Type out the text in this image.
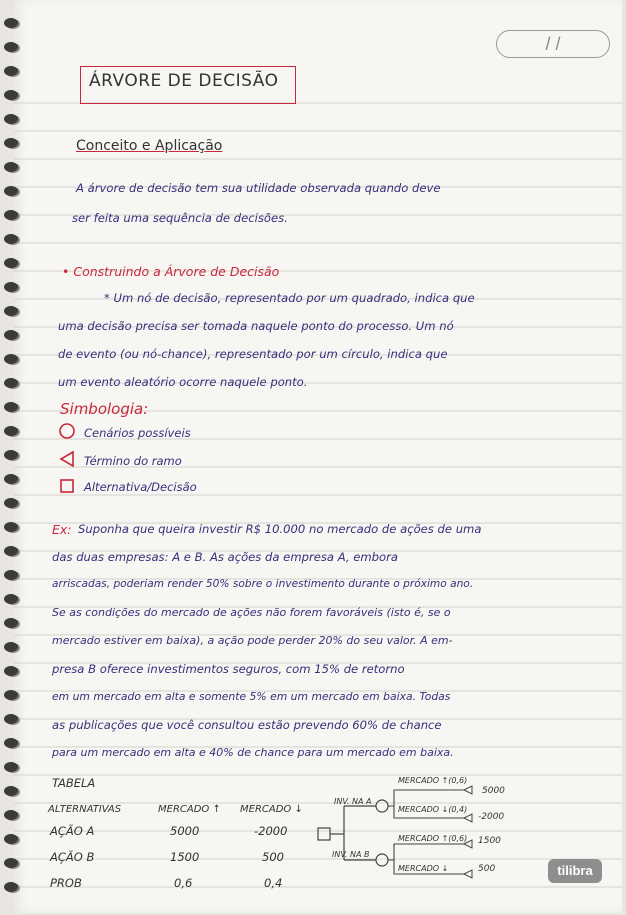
/ /
ÁRVORE DE DECISÃO
Conceito e Aplicação
A árvore de decisão tem sua utilidade observada quando deve
ser feita uma sequência de decisões.
• Construindo a Árvore de Decisão
* Um nó de decisão, representado por um quadrado, indica que
uma decisão precisa ser tomada naquele ponto do processo. Um nó
de evento (ou nó-chance), representado por um círculo, indica que
um evento aleatório ocorre naquele ponto.
Simbologia:
Cenários possíveis
Término do ramo
Alternativa/Decisão
Ex: Suponha que queira investir R$ 10.000 no mercado de ações de uma
das duas empresas: A e B. As ações da empresa A, embora
arriscadas, poderiam render 50% sobre o investimento durante o próximo ano.
Se as condições do mercado de ações não forem favoráveis (isto é, se o
mercado estiver em baixa), a ação pode perder 20% do seu valor. A em-
presa B oferece investimentos seguros, com 15% de retorno
em um mercado em alta e somente 5% em um mercado em baixa. Todas
as publicações que você consultou estão prevendo 60% de chance
para um mercado em alta e 40% de chance para um mercado em baixa.
TABELA
ALTERNATIVAS	MERCADO ↑ MERCADO ↓
AÇÃO A	5000	-2000
AÇÃO B	1500	500
PROB	0,6	0,4
INV. NA A
INV. NA B
MERCADO ↑(0,6)
5000
MERCADO ↓(0,4)
-2000
MERCADO ↑(0,6) 1500
MERCADO ↓	500	tilibra
